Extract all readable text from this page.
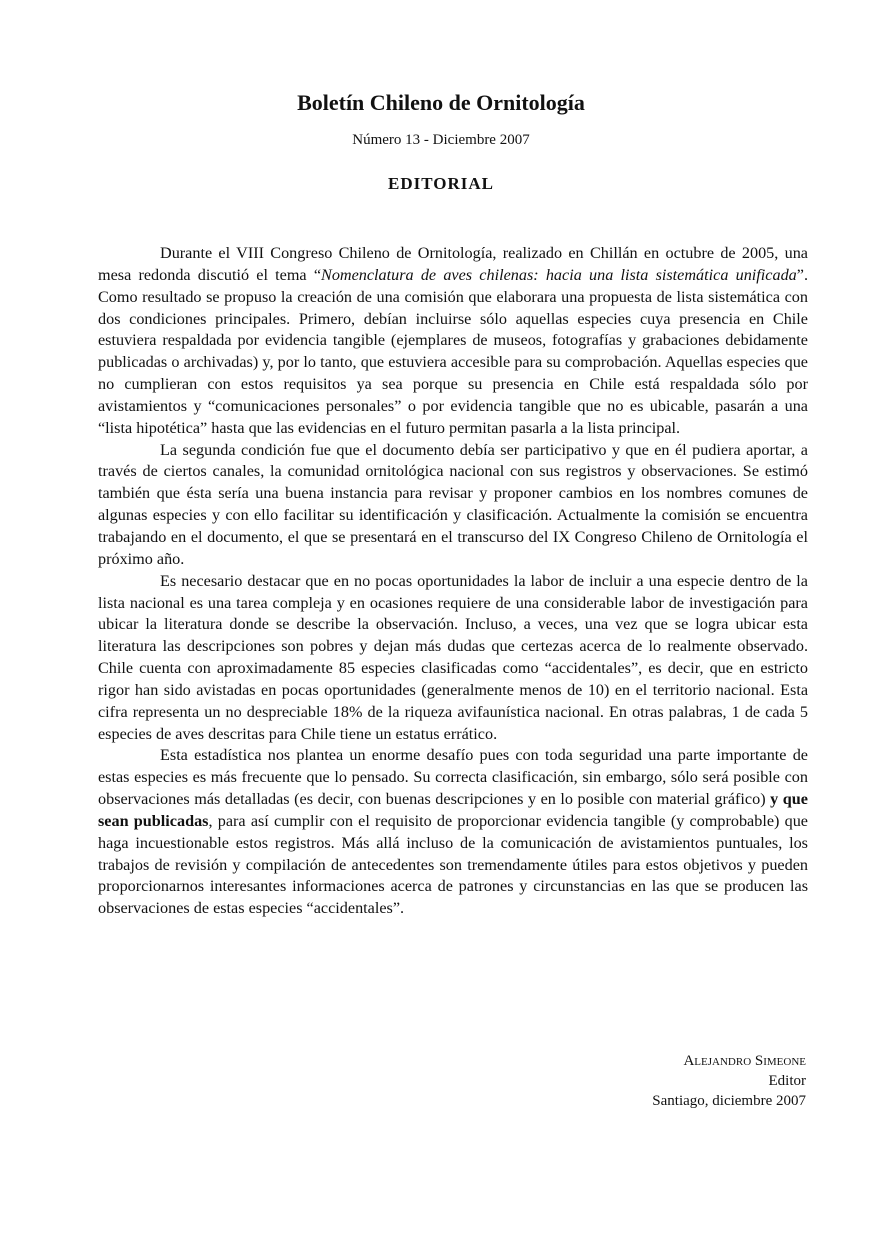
Boletín Chileno de Ornitología
Número 13 - Diciembre 2007
EDITORIAL

Durante el VIII Congreso Chileno de Ornitología, realizado en Chillán en octubre de 2005, una mesa redonda discutió el tema “Nomenclatura de aves chilenas: hacia una lista sistemática unificada”. Como resultado se propuso la creación de una comisión que elaborara una propuesta de lista sistemática con dos condiciones principales. Primero, debían incluirse sólo aquellas especies cuya presencia en Chile estuviera respaldada por evidencia tangible (ejemplares de museos, fotografías y grabaciones debidamente publicadas o archivadas) y, por lo tanto, que estuviera accesible para su comprobación. Aquellas especies que no cumplieran con estos requisitos ya sea porque su presencia en Chile está respaldada sólo por avistamientos y “comunicaciones personales” o por evidencia tangible que no es ubicable, pasarán a una “lista hipotética” hasta que las evidencias en el futuro permitan pasarla a la lista principal.

La segunda condición fue que el documento debía ser participativo y que en él pudiera aportar, a través de ciertos canales, la comunidad ornitológica nacional con sus registros y observaciones. Se estimó también que ésta sería una buena instancia para revisar y proponer cambios en los nombres comunes de algunas especies y con ello facilitar su identificación y clasificación. Actualmente la comisión se encuentra trabajando en el documento, el que se presentará en el transcurso del IX Congreso Chileno de Ornitología el próximo año.

Es necesario destacar que en no pocas oportunidades la labor de incluir a una especie dentro de la lista nacional es una tarea compleja y en ocasiones requiere de una considerable labor de investigación para ubicar la literatura donde se describe la observación. Incluso, a veces, una vez que se logra ubicar esta literatura las descripciones son pobres y dejan más dudas que certezas acerca de lo realmente observado. Chile cuenta con aproximadamente 85 especies clasificadas como “accidentales”, es decir, que en estricto rigor han sido avistadas en pocas oportunidades (generalmente menos de 10) en el territorio nacional. Esta cifra representa un no despreciable 18% de la riqueza avifaunística nacional. En otras palabras, 1 de cada 5 especies de aves descritas para Chile tiene un estatus errático.

Esta estadística nos plantea un enorme desafío pues con toda seguridad una parte importante de estas especies es más frecuente que lo pensado. Su correcta clasificación, sin embargo, sólo será posible con observaciones más detalladas (es decir, con buenas descripciones y en lo posible con material gráfico) y que sean publicadas, para así cumplir con el requisito de proporcionar evidencia tangible (y comprobable) que haga incuestionable estos registros. Más allá incluso de la comunicación de avistamientos puntuales, los trabajos de revisión y compilación de antecedentes son tremendamente útiles para estos objetivos y pueden proporcionarnos interesantes informaciones acerca de patrones y circunstancias en las que se producen las observaciones de estas especies “accidentales”.

Alejandro Simeone
Editor
Santiago, diciembre 2007
